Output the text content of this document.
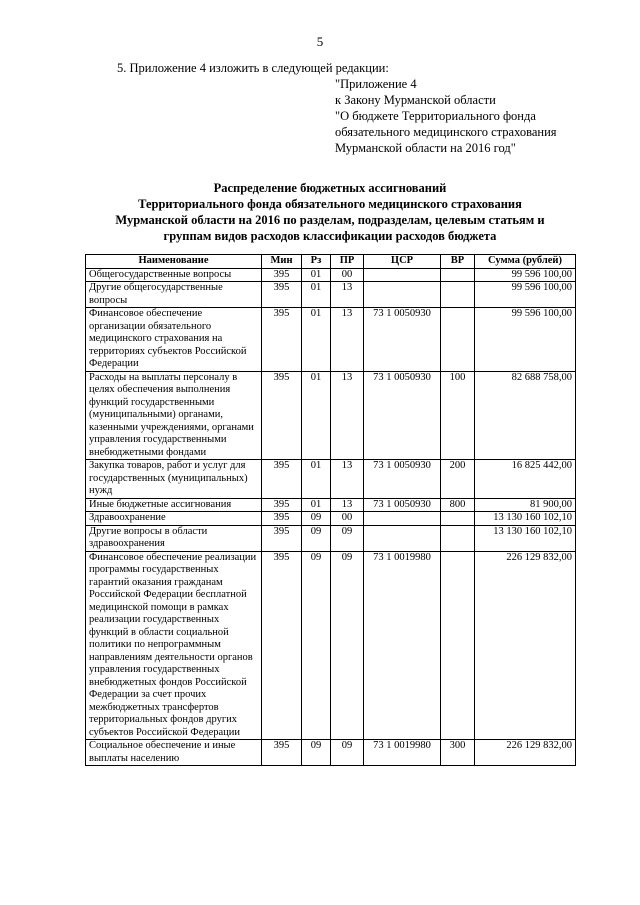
5
5. Приложение 4 изложить в следующей редакции:
"Приложение 4
к Закону Мурманской области
"О бюджете Территориального фонда
обязательного медицинского страхования
Мурманской области на 2016 год"
Распределение бюджетных ассигнований
Территориального фонда обязательного медицинского страхования
Мурманской области на 2016 по разделам, подразделам, целевым статьям и
группам видов расходов классификации расходов бюджета
Наименование	Мин	Рз	ПР	ЦСР	ВР	Сумма (рублей)
Общегосударственные вопросы	395	01	00			99 596 100,00
Другие общегосударственные вопросы	395	01	13			99 596 100,00
Финансовое обеспечение организации обязательного медицинского страхования на территориях субъектов Российской Федерации	395	01	13	73 1 0050930		99 596 100,00
Расходы на выплаты персоналу в целях обеспечения выполнения функций государственными (муниципальными) органами, казенными учреждениями, органами управления государственными внебюджетными фондами	395	01	13	73 1 0050930	100	82 688 758,00
Закупка товаров, работ и услуг для государственных (муниципальных) нужд	395	01	13	73 1 0050930	200	16 825 442,00
Иные бюджетные ассигнования	395	01	13	73 1 0050930	800	81 900,00
Здравоохранение	395	09	00			13 130 160 102,10
Другие вопросы в области здравоохранения	395	09	09			13 130 160 102,10
Финансовое обеспечение реализации программы государственных гарантий оказания гражданам Российской Федерации бесплатной медицинской помощи в рамках реализации государственных функций в области социальной политики по непрограммным направлениям деятельности органов управления государственных внебюджетных фондов Российской Федерации за счет прочих межбюджетных трансфертов территориальных фондов других субъектов Российской Федерации	395	09	09	73 1 0019980		226 129 832,00
Социальное обеспечение и иные выплаты населению	395	09	09	73 1 0019980	300	226 129 832,00
